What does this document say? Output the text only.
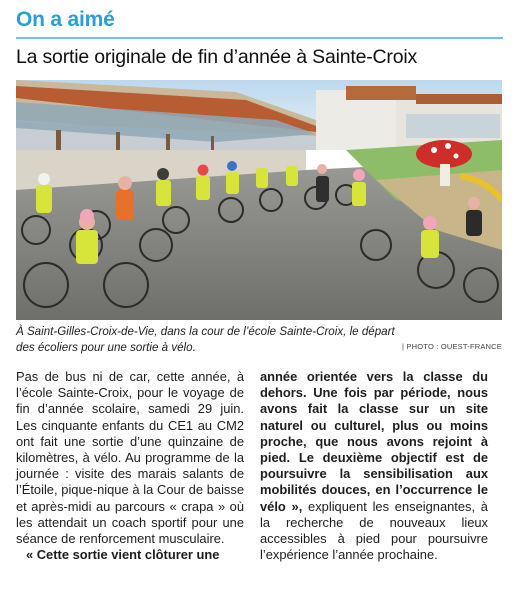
On a aimé
La sortie originale de fin d’année à Sainte-Croix
À Saint-Gilles-Croix-de-Vie, dans la cour de l’école Sainte-Croix, le départ
des écoliers pour une sortie à vélo.	| PHOTO : OUEST-FRANCE

Pas de bus ni de car, cette année, à l’école Sainte-Croix, pour le voyage de fin d’année scolaire, samedi 29 juin. Les cinquante enfants du CE1 au CM2 ont fait une sortie d’une quinzaine de kilomètres, à vélo. Au programme de la journée : visite des marais salants de l’Étoile, pique-nique à la Cour de baisse et après-midi au parcours « crapa » où les attendait un coach sportif pour une séance de renforcement musculaire.

« Cette sortie vient clôturer une

année orientée vers la classe du dehors. Une fois par période, nous avons fait la classe sur un site naturel ou culturel, plus ou moins proche, que nous avons rejoint à pied. Le deuxième objectif est de poursuivre la sensibilisation aux mobilités douces, en l’occurrence le vélo », expliquent les enseignantes, à la recherche de nouveaux lieux accessibles à pied pour poursuivre l’expérience l’année prochaine.
